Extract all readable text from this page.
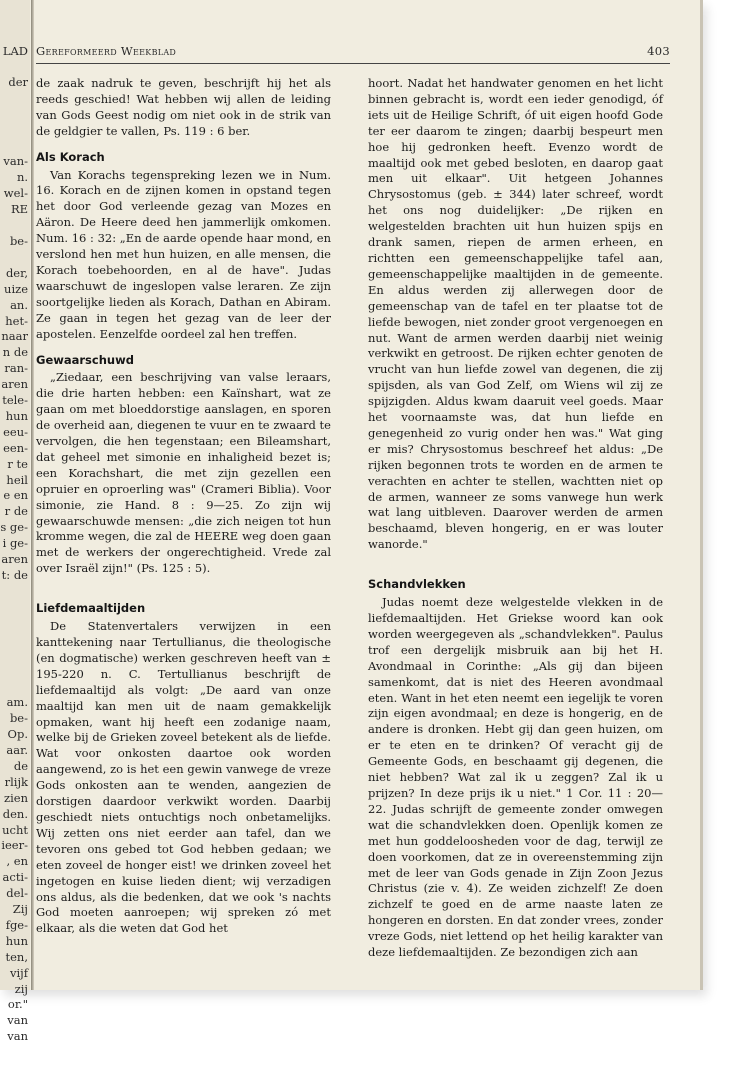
LAD
der

van-
n.
wel-
RE

be-

der,
uize
an.
het-
naar
n de
ran-
aren
tele-
hun
eeu-
een-
r te
heil
e en
r de
s ge-
i ge-
aren
t: de

am.
be-
Op.
aar.
de
rlijk
zien
den.
ucht
ieer-
, en
acti-
del-
Zij
fge-
hun
ten,
vijf
zij
or."
van
van
Gereformeerd Weekblad	403

de zaak nadruk te geven, beschrijft hij het als reeds geschied! Wat hebben wij allen de leiding van Gods Geest nodig om niet ook in de strik van de geldgier te vallen, Ps. 119 : 6 ber.

Als Korach

Van Korachs tegenspreking lezen we in Num. 16. Korach en de zijnen komen in opstand tegen het door God verleende gezag van Mozes en Aäron. De Heere deed hen jammerlijk omkomen. Num. 16 : 32: „En de aarde opende haar mond, en verslond hen met hun huizen, en alle mensen, die Korach toebehoorden, en al de have". Judas waarschuwt de ingeslopen valse leraren. Ze zijn soortgelijke lieden als Korach, Dathan en Abiram. Ze gaan in tegen het gezag van de leer der apostelen. Eenzelfde oordeel zal hen treffen.

Gewaarschuwd

„Ziedaar, een beschrijving van valse leraars, die drie harten hebben: een Kaïnshart, wat ze gaan om met bloeddorstige aanslagen, en sporen de overheid aan, diegenen te vuur en te zwaard te vervolgen, die hen tegenstaan; een Bileamshart, dat geheel met simonie en inhaligheid bezet is; een Korachshart, die met zijn gezellen een opruier en oproerling was" (Crameri Biblia). Voor simonie, zie Hand. 8 : 9—25. Zo zijn wij gewaarschuwde mensen: „die zich neigen tot hun kromme wegen, die zal de HEERE weg doen gaan met de werkers der ongerechtigheid. Vrede zal over Israël zijn!" (Ps. 125 : 5).

Liefdemaaltijden

De Statenvertalers verwijzen in een kanttekening naar Tertullianus, die theologische (en dogmatische) werken geschreven heeft van ± 195-220 n. C. Tertullianus beschrijft de liefdemaaltijd als volgt: „De aard van onze maaltijd kan men uit de naam gemakkelijk opmaken, want hij heeft een zodanige naam, welke bij de Grieken zoveel betekent als de liefde. Wat voor onkosten daartoe ook worden aangewend, zo is het een gewin vanwege de vreze Gods onkosten aan te wenden, aangezien de dorstigen daardoor verkwikt worden. Daarbij geschiedt niets ontuchtigs noch onbetamelijks. Wij zetten ons niet eerder aan tafel, dan we tevoren ons gebed tot God hebben gedaan; we eten zoveel de honger eist! we drinken zoveel het ingetogen en kuise lieden dient; wij verzadigen ons aldus, als die bedenken, dat we ook 's nachts God moeten aanroepen; wij spreken zó met elkaar, als die weten dat God het

hoort. Nadat het handwater genomen en het licht binnen gebracht is, wordt een ieder genodigd, óf iets uit de Heilige Schrift, óf uit eigen hoofd Gode ter eer daarom te zingen; daarbij bespeurt men hoe hij gedronken heeft. Evenzo wordt de maaltijd ook met gebed besloten, en daarop gaat men uit elkaar". Uit hetgeen Johannes Chrysostomus (geb. ± 344) later schreef, wordt het ons nog duidelijker: „De rijken en welgestelden brachten uit hun huizen spijs en drank samen, riepen de armen erheen, en richtten een gemeenschappelijke tafel aan, gemeenschappelijke maaltijden in de gemeente. En aldus werden zij allerwegen door de gemeenschap van de tafel en ter plaatse tot de liefde bewogen, niet zonder groot vergenoegen en nut. Want de armen werden daarbij niet weinig verkwikt en getroost. De rijken echter genoten de vrucht van hun liefde zowel van degenen, die zij spijsden, als van God Zelf, om Wiens wil zij ze spijzigden. Aldus kwam daaruit veel goeds. Maar het voornaamste was, dat hun liefde en genegenheid zo vurig onder hen was." Wat ging er mis? Chrysostomus beschreef het aldus: „De rijken begonnen trots te worden en de armen te verachten en achter te stellen, wachtten niet op de armen, wanneer ze soms vanwege hun werk wat lang uitbleven. Daarover werden de armen beschaamd, bleven hongerig, en er was louter wanorde."

Schandvlekken

Judas noemt deze welgestelde vlekken in de liefdemaaltijden. Het Griekse woord kan ook worden weergegeven als „schandvlekken". Paulus trof een dergelijk misbruik aan bij het H. Avondmaal in Corinthe: „Als gij dan bijeen samenkomt, dat is niet des Heeren avondmaal eten. Want in het eten neemt een iegelijk te voren zijn eigen avondmaal; en deze is hongerig, en de andere is dronken. Hebt gij dan geen huizen, om er te eten en te drinken? Of veracht gij de Gemeente Gods, en beschaamt gij degenen, die niet hebben? Wat zal ik u zeggen? Zal ik u prijzen? In deze prijs ik u niet." 1 Cor. 11 : 20—22. Judas schrijft de gemeente zonder omwegen wat die schandvlekken doen. Openlijk komen ze met hun goddeloosheden voor de dag, terwijl ze doen voorkomen, dat ze in overeenstemming zijn met de leer van Gods genade in Zijn Zoon Jezus Christus (zie v. 4). Ze weiden zichzelf! Ze doen zichzelf te goed en de arme naaste laten ze hongeren en dorsten. En dat zonder vrees, zonder vreze Gods, niet lettend op het heilig karakter van deze liefdemaaltijden. Ze bezondigen zich aan
